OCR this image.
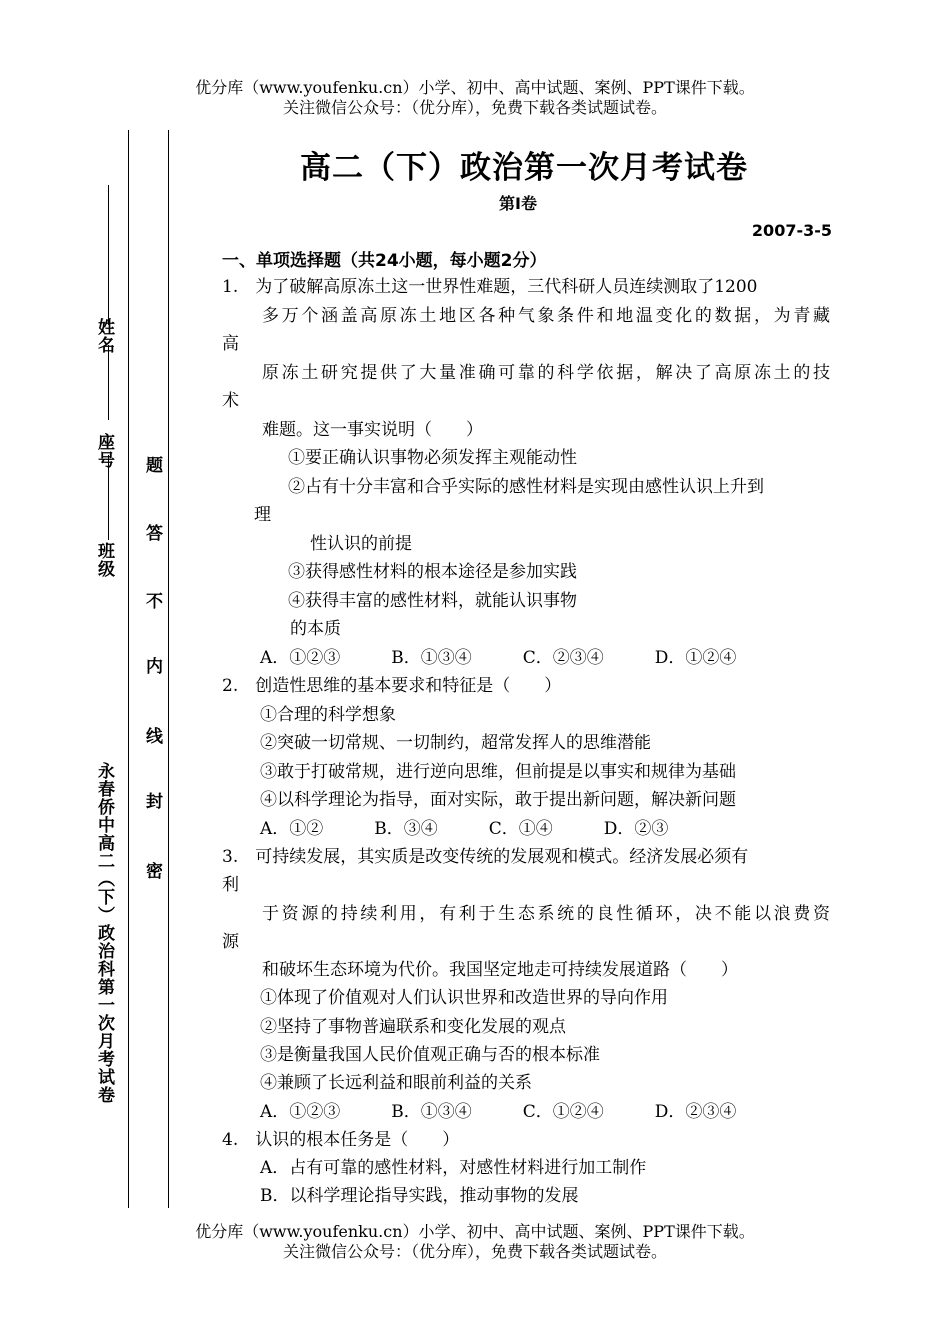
优分库（www.youfenku.cn）小学、初中、高中试题、案例、PPT课件下载。
关注微信公众号：（优分库），免费下载各类试题试卷。
姓名
座号
班级
永春侨中高二（下）政治科第一次月考试卷 密
封
线
内
不
答
题
高二（下）政治第一次月考试卷
第Ⅰ卷
2007-3-5
一、单项选择题（共24小题，每小题2分）
1.　为了破解高原冻土这一世界性难题，三代科研人员连续测取了1200
多万个涵盖高原冻土地区各种气象条件和地温变化的数据，为青藏
高
原冻土研究提供了大量准确可靠的科学依据，解决了高原冻土的技
术
难题。这一事实说明（　　）
①要正确认识事物必须发挥主观能动性
②占有十分丰富和合乎实际的感性材料是实现由感性认识上升到
理
性认识的前提
③获得感性材料的根本途径是参加实践
④获得丰富的感性材料，就能认识事物
的本质
A．①②③　　　B．①③④　　　C．②③④　　　D．①②④
2.　创造性思维的基本要求和特征是（　　）
①合理的科学想象
②突破一切常规、一切制约，超常发挥人的思维潜能
③敢于打破常规，进行逆向思维，但前提是以事实和规律为基础
④以科学理论为指导，面对实际，敢于提出新问题，解决新问题
A．①②　　　B．③④　　　C．①④　　　D．②③
3.　可持续发展，其实质是改变传统的发展观和模式。经济发展必须有
利
于资源的持续利用，有利于生态系统的良性循环，决不能以浪费资
源
和破坏生态环境为代价。我国坚定地走可持续发展道路（　　）
①体现了价值观对人们认识世界和改造世界的导向作用
②坚持了事物普遍联系和变化发展的观点
③是衡量我国人民价值观正确与否的根本标准
④兼顾了长远利益和眼前利益的关系
A．①②③　　　B．①③④　　　C．①②④　　　D．②③④
4.　认识的根本任务是（　　）
A．占有可靠的感性材料，对感性材料进行加工制作
B．以科学理论指导实践，推动事物的发展
优分库（www.youfenku.cn）小学、初中、高中试题、案例、PPT课件下载。
关注微信公众号：（优分库），免费下载各类试题试卷。
